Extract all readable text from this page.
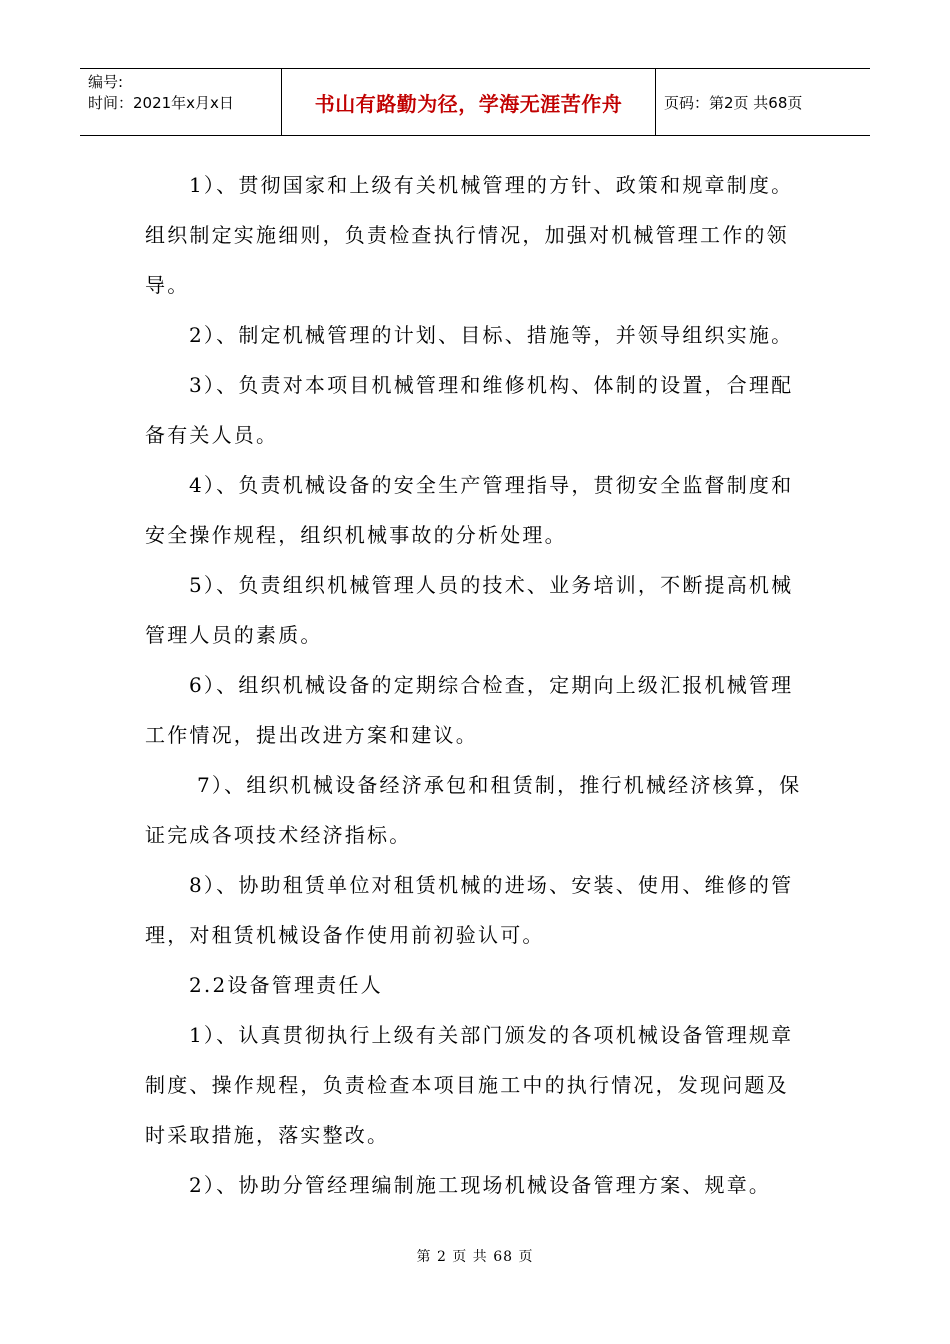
编号:
时间：2021年x月x日	书山有路勤为径，学海无涯苦作舟	页码：第2页 共68页

1）、贯彻国家和上级有关机械管理的方针、政策和规章制度。组织制定实施细则，负责检查执行情况，加强对机械管理工作的领导。

2）、制定机械管理的计划、目标、措施等，并领导组织实施。

3）、负责对本项目机械管理和维修机构、体制的设置，合理配备有关人员。

4）、负责机械设备的安全生产管理指导，贯彻安全监督制度和安全操作规程，组织机械事故的分析处理。

5）、负责组织机械管理人员的技术、业务培训，不断提高机械管理人员的素质。

6）、组织机械设备的定期综合检查，定期向上级汇报机械管理工作情况，提出改进方案和建议。

7）、组织机械设备经济承包和租赁制，推行机械经济核算，保证完成各项技术经济指标。

8）、协助租赁单位对租赁机械的进场、安装、使用、维修的管理，对租赁机械设备作使用前初验认可。

2.2设备管理责任人

1）、认真贯彻执行上级有关部门颁发的各项机械设备管理规章制度、操作规程，负责检查本项目施工中的执行情况，发现问题及时采取措施，落实整改。

2）、协助分管经理编制施工现场机械设备管理方案、规章。

第 2 页 共 68 页
